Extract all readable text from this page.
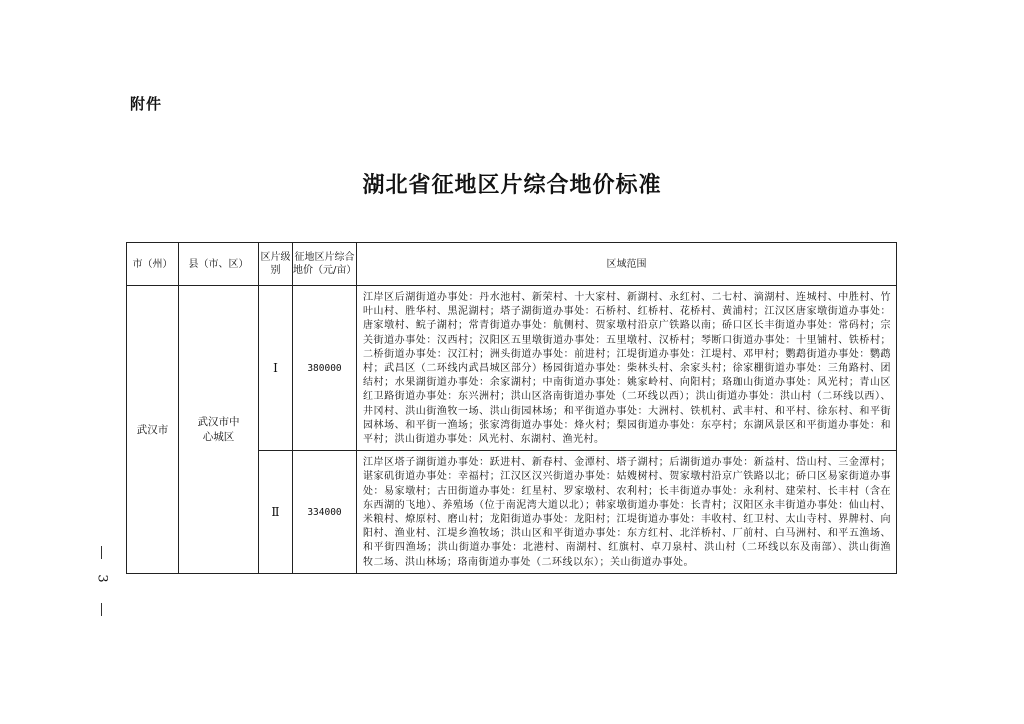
附件
湖北省征地区片综合地价标准
市（州）	县（市、区）	区片级别	征地区片综合地价（元/亩）	区域范围
武汉市	武汉市中心城区	Ⅰ	380000	江岸区后湖街道办事处：丹水池村、新荣村、十大家村、新湖村、永红村、二七村、滴湖村、连城村、中胜村、竹叶山村、胜华村、黑泥湖村；塔子湖街道办事处：石桥村、红桥村、花桥村、黄浦村；江汉区唐家墩街道办事处：唐家墩村、鲩子湖村；常青街道办事处：航侧村、贺家墩村沿京广铁路以南；硚口区长丰街道办事处：常码村；宗关街道办事处：汉西村；汉阳区五里墩街道办事处：五里墩村、汉桥村；琴断口街道办事处：十里铺村、铁桥村；二桥街道办事处：汉江村；洲头街道办事处：前进村；江堤街道办事处：江堤村、邓甲村；鹦鹉街道办事处：鹦鹉村；武昌区（二环线内武昌城区部分）杨园街道办事处：柴林头村、余家头村；徐家棚街道办事处：三角路村、团结村；水果湖街道办事处：余家湖村；中南街道办事处：姚家岭村、向阳村；珞珈山街道办事处：风光村；青山区红卫路街道办事处：东兴洲村；洪山区洛南街道办事处（二环线以西）；洪山街道办事处：洪山村（二环线以西）、井冈村、洪山街渔牧一场、洪山街园林场；和平街道办事处：大洲村、铁机村、武丰村、和平村、徐东村、和平街园林场、和平街一渔场；张家湾街道办事处：烽火村；梨园街道办事处：东亭村；东湖风景区和平街道办事处：和平村；洪山街道办事处：风光村、东湖村、渔光村。
		Ⅱ	334000	江岸区塔子湖街道办事处：跃进村、新春村、金潭村、塔子湖村；后湖街道办事处：新益村、岱山村、三金潭村；谌家矶街道办事处：幸福村；江汉区汉兴街道办事处：姑嫂树村、贺家墩村沿京广铁路以北；硚口区易家街道办事处：易家墩村；古田街道办事处：红星村、罗家墩村、农利村；长丰街道办事处：永利村、建荣村、长丰村（含在东西湖的飞地）、养殖场（位于南泥湾大道以北）；韩家墩街道办事处：长青村；汉阳区永丰街道办事处：仙山村、米粮村、燎原村、磨山村；龙阳街道办事处：龙阳村；江堤街道办事处：丰收村、红卫村、太山寺村、界牌村、向阳村、渔业村、江堤乡渔牧场；洪山区和平街道办事处：东方红村、北洋桥村、厂前村、白马洲村、和平五渔场、和平街四渔场；洪山街道办事处：北港村、南湖村、红旗村、卓刀泉村、洪山村（二环线以东及南部）、洪山街渔牧二场、洪山林场；珞南街道办事处（二环线以东）；关山街道办事处。
3
